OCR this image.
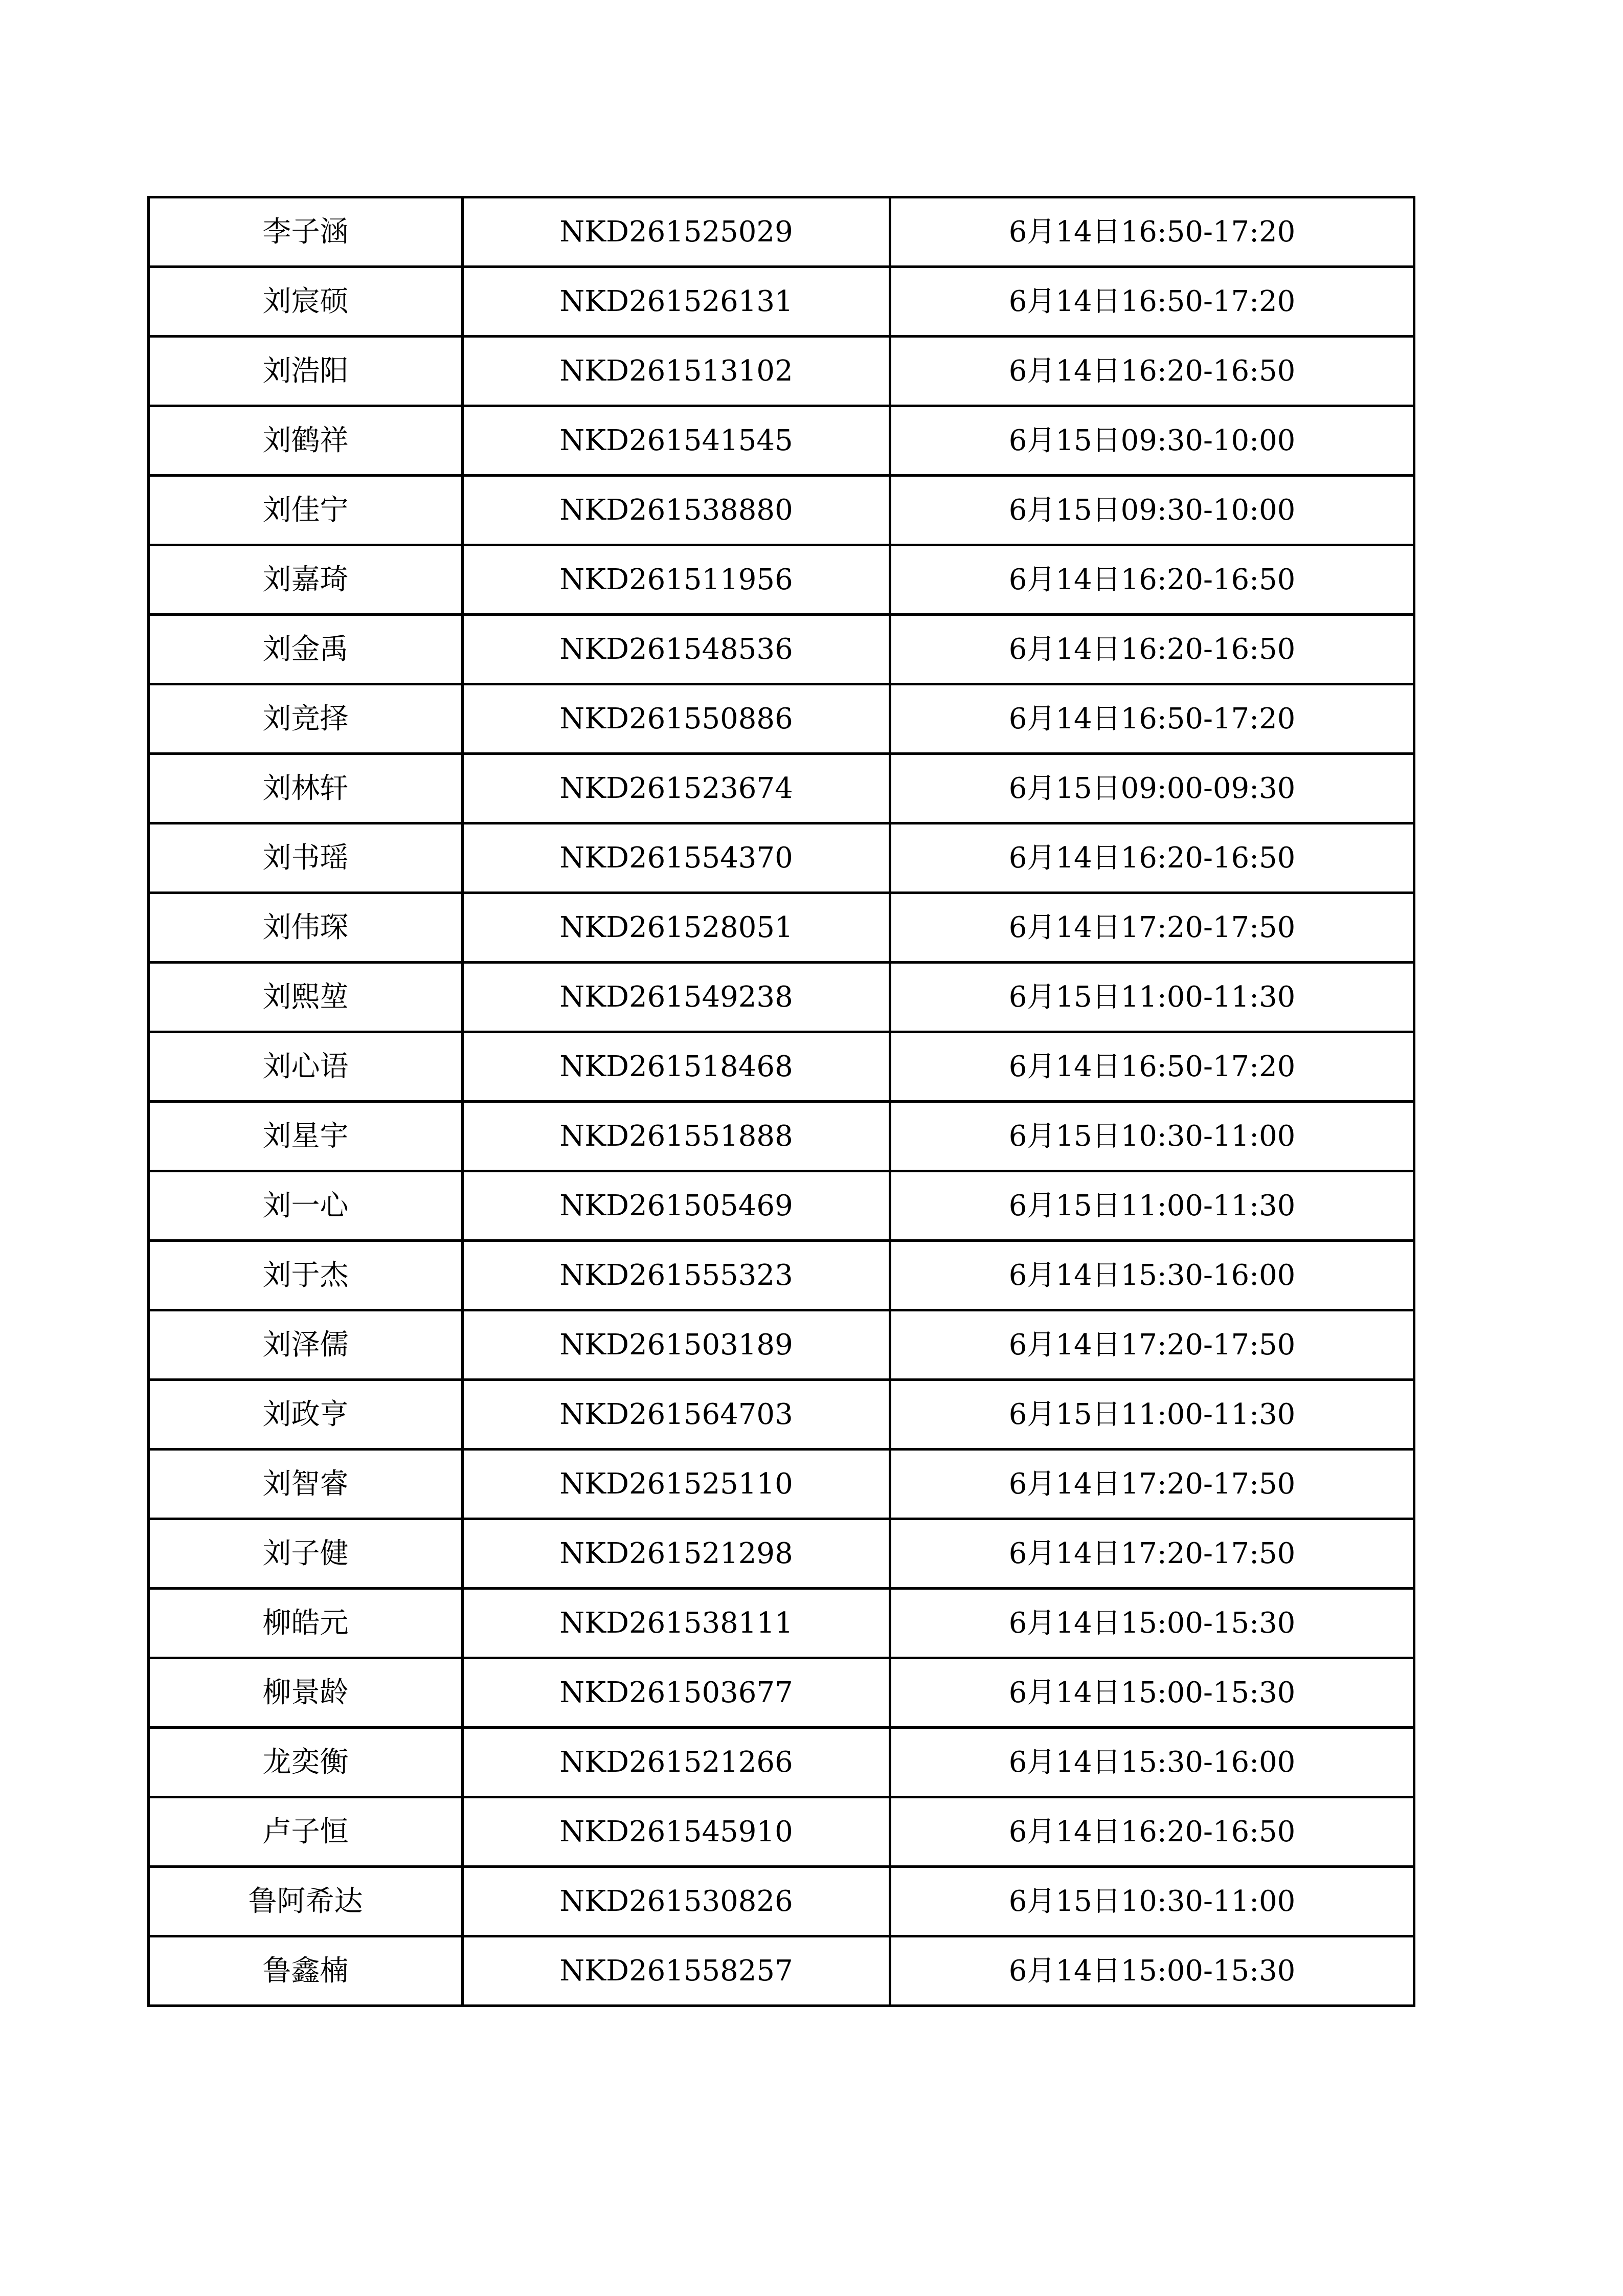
李子涵	NKD261525029	6月14日16:50-17:20
刘宸硕	NKD261526131	6月14日16:50-17:20
刘浩阳	NKD261513102	6月14日16:20-16:50
刘鹤祥	NKD261541545	6月15日09:30-10:00
刘佳宁	NKD261538880	6月15日09:30-10:00
刘嘉琦	NKD261511956	6月14日16:20-16:50
刘金禹	NKD261548536	6月14日16:20-16:50
刘竞择	NKD261550886	6月14日16:50-17:20
刘林轩	NKD261523674	6月15日09:00-09:30
刘书瑶	NKD261554370	6月14日16:20-16:50
刘伟琛	NKD261528051	6月14日17:20-17:50
刘熙堃	NKD261549238	6月15日11:00-11:30
刘心语	NKD261518468	6月14日16:50-17:20
刘星宇	NKD261551888	6月15日10:30-11:00
刘一心	NKD261505469	6月15日11:00-11:30
刘于杰	NKD261555323	6月14日15:30-16:00
刘泽儒	NKD261503189	6月14日17:20-17:50
刘政亨	NKD261564703	6月15日11:00-11:30
刘智睿	NKD261525110	6月14日17:20-17:50
刘子健	NKD261521298	6月14日17:20-17:50
柳皓元	NKD261538111	6月14日15:00-15:30
柳景龄	NKD261503677	6月14日15:00-15:30
龙奕衡	NKD261521266	6月14日15:30-16:00
卢子恒	NKD261545910	6月14日16:20-16:50
鲁阿希达	NKD261530826	6月15日10:30-11:00
鲁鑫楠	NKD261558257	6月14日15:00-15:30
